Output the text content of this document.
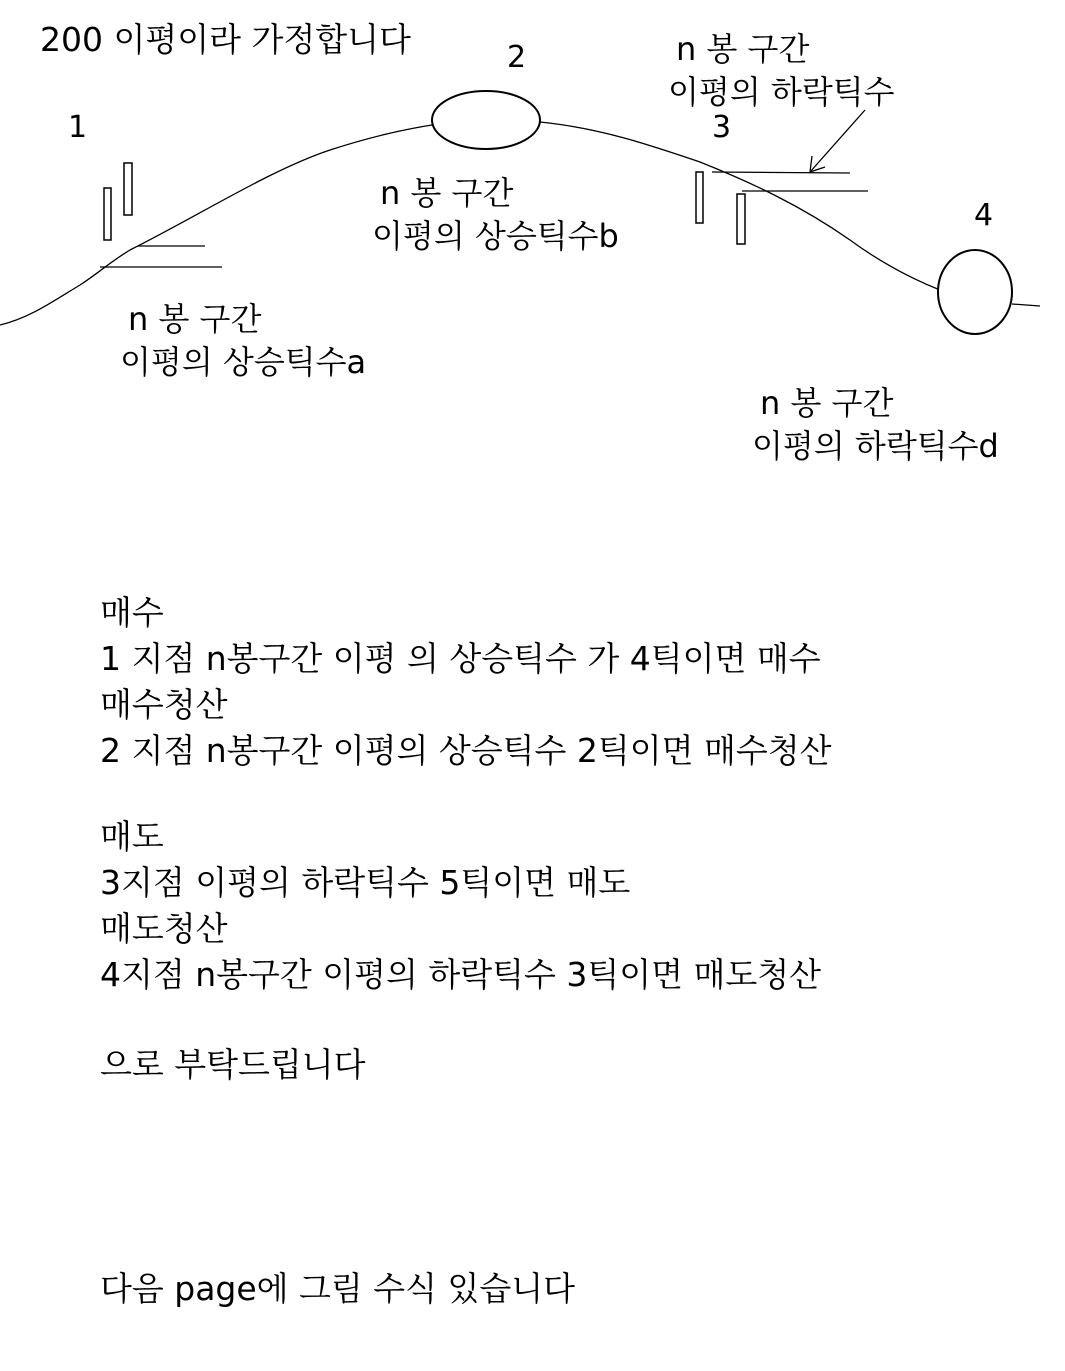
200 이평이라 가정합니다
1
2
3
4
n 봉 구간
이평의 하락틱수
n 봉 구간
이평의 상승틱수b
n 봉 구간
이평의 상승틱수a
n 봉 구간
이평의 하락틱수d
매수
1 지점 n봉구간 이평 의 상승틱수 가 4틱이면 매수
매수청산
2 지점 n봉구간 이평의 상승틱수 2틱이면 매수청산
매도
3지점 이평의 하락틱수 5틱이면 매도
매도청산
4지점 n봉구간 이평의 하락틱수 3틱이면 매도청산
으로 부탁드립니다
다음 page에 그림 수식 있습니다
